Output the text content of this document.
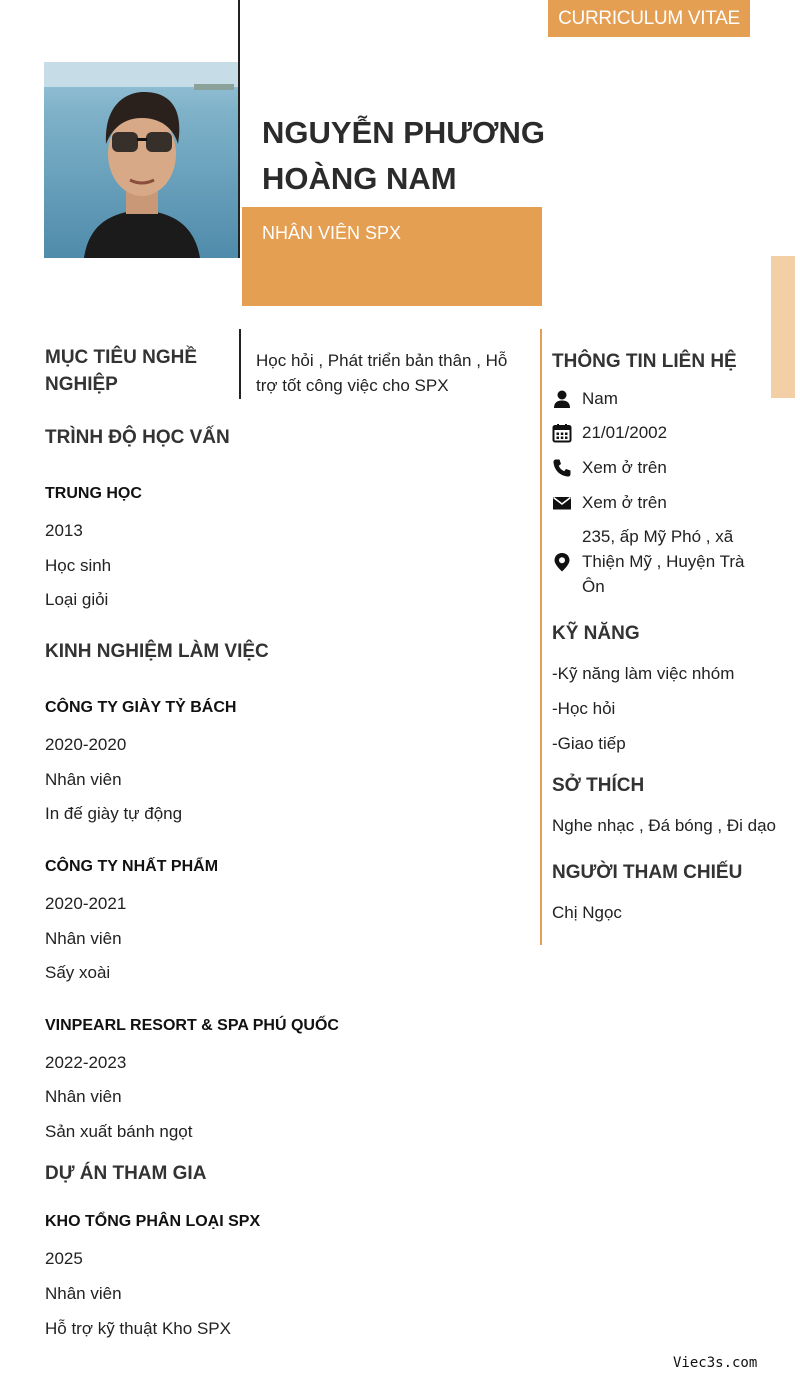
CURRICULUM VITAE
NGUYỄN PHƯƠNG HOÀNG NAM
NHÂN VIÊN SPX
MỤC TIÊU NGHỀ NGHIỆP
Học hỏi , Phát triển bản thân , Hỗ trợ tốt công việc cho SPX
TRÌNH ĐỘ HỌC VẤN
TRUNG HỌC
2013
Học sinh
Loại giỏi
KINH NGHIỆM LÀM VIỆC
CÔNG TY GIÀY TỶ BÁCH
2020-2020
Nhân viên
In đế giày tự động
CÔNG TY NHẤT PHẨM
2020-2021
Nhân viên
Sấy xoài
VINPEARL RESORT & SPA PHÚ QUỐC
2022-2023
Nhân viên
Sản xuất bánh ngọt
DỰ ÁN THAM GIA
KHO TỔNG PHÂN LOẠI SPX
2025
Nhân viên
Hỗ trợ kỹ thuật Kho SPX
THÔNG TIN LIÊN HỆ
Nam
21/01/2002
Xem ở trên
Xem ở trên
235, ấp Mỹ Phó , xã Thiện Mỹ , Huyện Trà Ôn
KỸ NĂNG
-Kỹ năng làm việc nhóm
-Học hỏi
-Giao tiếp
SỞ THÍCH
Nghe nhạc , Đá bóng , Đi dạo
NGƯỜI THAM CHIẾU
Chị Ngọc
Viec3s.com
